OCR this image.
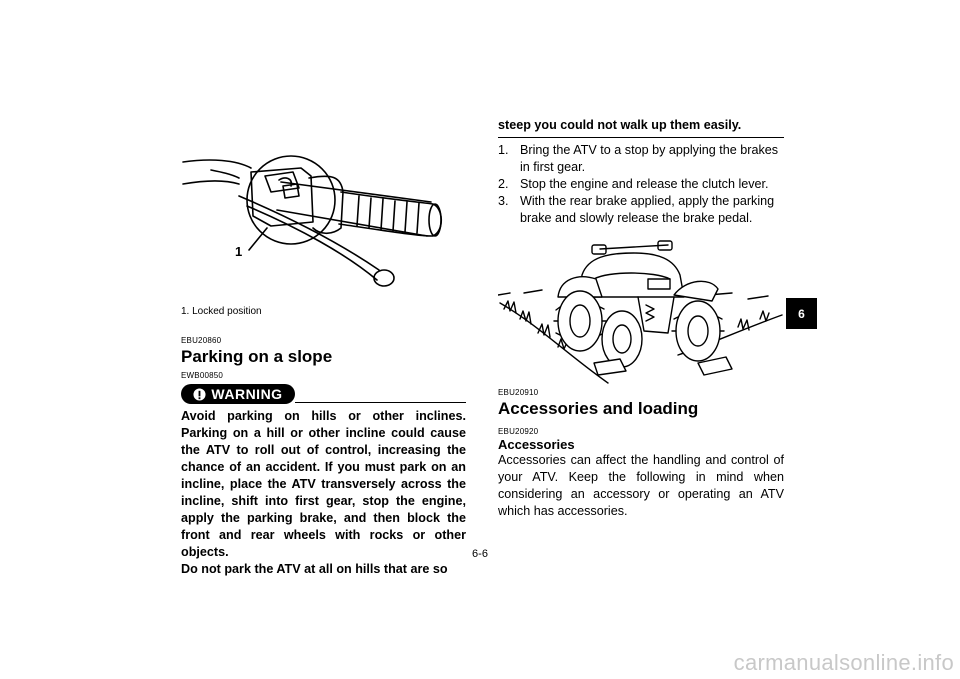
1
1. Locked position
EBU20860
Parking on a slope
EWB00850
WARNING

Avoid parking on hills or other inclines. Parking on a hill or other incline could cause the ATV to roll out of control, increasing the chance of an accident. If you must park on an incline, place the ATV transversely across the incline, shift into first gear, stop the engine, apply the parking brake, and then block the front and rear wheels with rocks or other objects.

Do not park the ATV at all on hills that are so

steep you could not walk up them easily.
1. Bring the ATV to a stop by applying the brakes in first gear.
2. Stop the engine and release the clutch lever.
3. With the rear brake applied, apply the parking brake and slowly release the brake pedal.
EBU20910
Accessories and loading
EBU20920
Accessories
Accessories can affect the handling and control of your ATV. Keep the following in mind when considering an accessory or operating an ATV which has accessories.
6-6
6
carmanualsonline.info
